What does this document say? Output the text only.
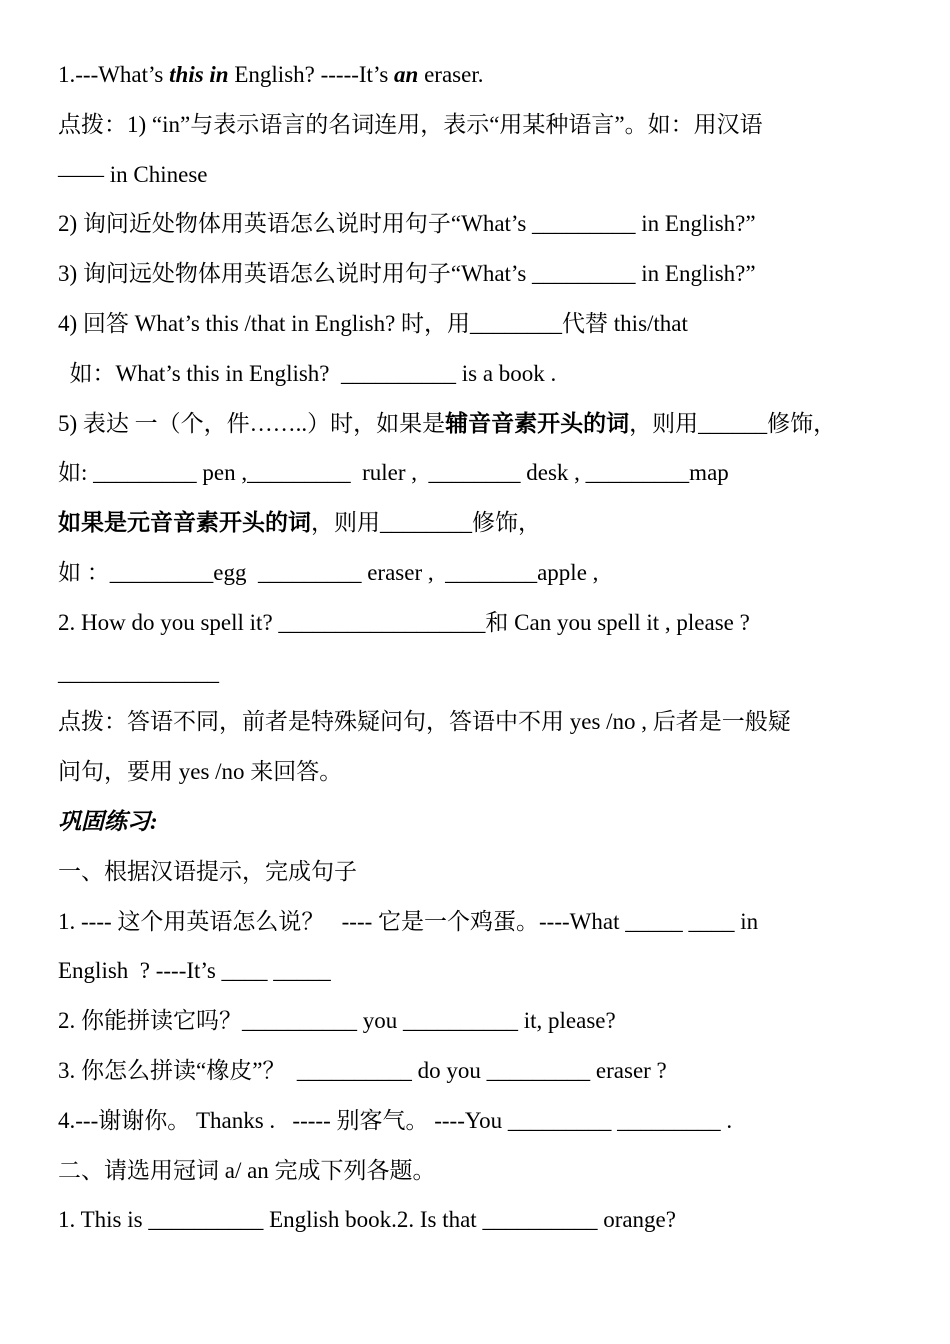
1.---What’s this in English? -----It’s an eraser.
点拨：1) “in”与表示语言的名词连用，表示“用某种语言”。如：用汉语
—— in Chinese
2) 询问近处物体用英语怎么说时用句子“What’s _________ in English?”
3) 询问远处物体用英语怎么说时用句子“What’s _________ in English?”
4) 回答 What’s this /that in English? 时，用________代替 this/that
如：What’s this in English?  __________ is a book .
5) 表达 一（个，件……..）时，如果是辅音音素开头的词，则用______修饰，
如: _________ pen ,_________  ruler ,  ________ desk , _________map
如果是元音音素开头的词，则用________修饰，
如 ：_________egg  _________ eraser ,  ________apple ,
2. How do you spell it? __________________和 Can you spell it , please ?
______________
点拨：答语不同，前者是特殊疑问句，答语中不用 yes /no , 后者是一般疑
问句，要用 yes /no 来回答。
巩固练习:
一、根据汉语提示，完成句子
1. ---- 这个用英语怎么说？   ---- 它是一个鸡蛋。----What _____ ____ in
English  ? ----It’s ____ _____
2. 你能拼读它吗？__________ you __________ it, please?
3. 你怎么拼读“橡皮”？  __________ do you _________ eraser ?
4.---谢谢你。 Thanks .   ----- 别客气。 ----You _________ _________ .
二、请选用冠词 a/ an 完成下列各题。
1. This is __________ English book.2. Is that __________ orange?
